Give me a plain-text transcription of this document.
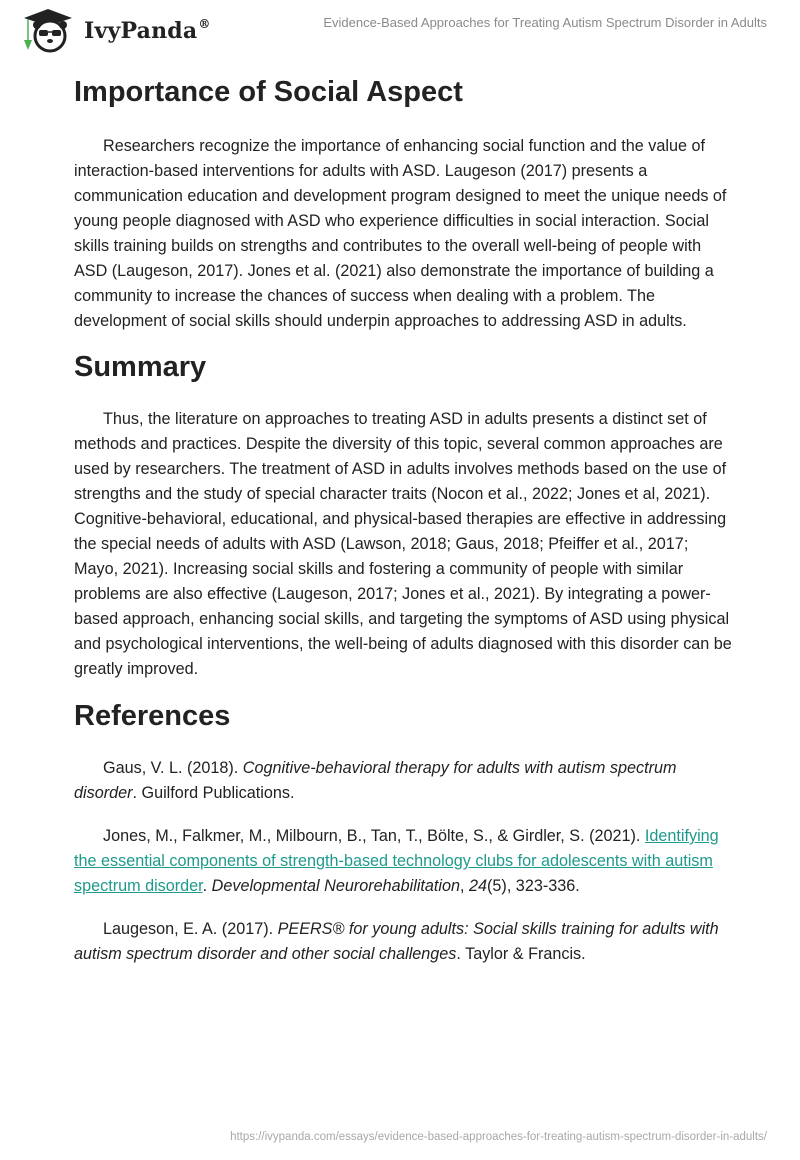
IvyPanda®	Evidence-Based Approaches for Treating Autism Spectrum Disorder in Adults
Importance of Social Aspect

Researchers recognize the importance of enhancing social function and the value of interaction-based interventions for adults with ASD. Laugeson (2017) presents a communication education and development program designed to meet the unique needs of young people diagnosed with ASD who experience difficulties in social interaction. Social skills training builds on strengths and contributes to the overall well-being of people with ASD (Laugeson, 2017). Jones et al. (2021) also demonstrate the importance of building a community to increase the chances of success when dealing with a problem. The development of social skills should underpin approaches to addressing ASD in adults.

Summary

Thus, the literature on approaches to treating ASD in adults presents a distinct set of methods and practices. Despite the diversity of this topic, several common approaches are used by researchers. The treatment of ASD in adults involves methods based on the use of strengths and the study of special character traits (Nocon et al., 2022; Jones et al, 2021). Cognitive-behavioral, educational, and physical-based therapies are effective in addressing the special needs of adults with ASD (Lawson, 2018; Gaus, 2018; Pfeiffer et al., 2017; Mayo, 2021). Increasing social skills and fostering a community of people with similar problems are also effective (Laugeson, 2017; Jones et al., 2021). By integrating a power-based approach, enhancing social skills, and targeting the symptoms of ASD using physical and psychological interventions, the well-being of adults diagnosed with this disorder can be greatly improved.

References

Gaus, V. L. (2018). Cognitive-behavioral therapy for adults with autism spectrum disorder. Guilford Publications.

Jones, M., Falkmer, M., Milbourn, B., Tan, T., Bölte, S., & Girdler, S. (2021). Identifying the essential components of strength-based technology clubs for adolescents with autism spectrum disorder. Developmental Neurorehabilitation, 24(5), 323-336.

Laugeson, E. A. (2017). PEERS® for young adults: Social skills training for adults with autism spectrum disorder and other social challenges. Taylor & Francis.

https://ivypanda.com/essays/evidence-based-approaches-for-treating-autism-spectrum-disorder-in-adults/
